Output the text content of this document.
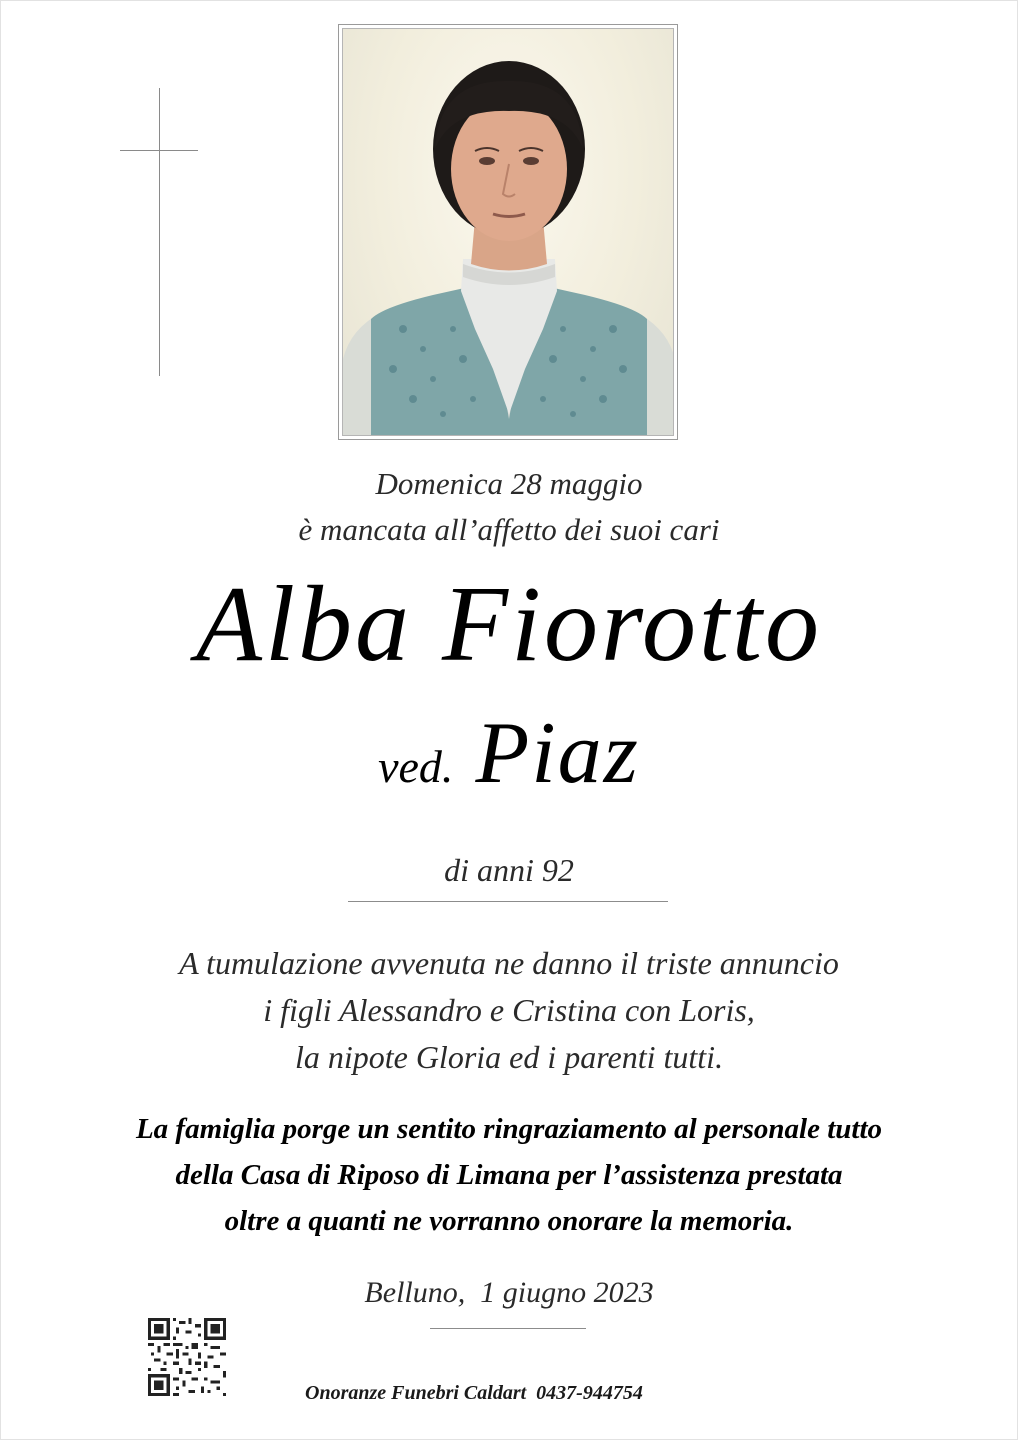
Domenica 28 maggio
è mancata all’affetto dei suoi cari
Alba Fiorotto
ved. Piaz
di anni 92
A tumulazione avvenuta ne danno il triste annuncio
i figli Alessandro e Cristina con Loris,
la nipote Gloria ed i parenti tutti.
La famiglia porge un sentito ringraziamento al personale tutto
della Casa di Riposo di Limana per l’assistenza prestata
oltre a quanti ne vorranno onorare la memoria.
Belluno,  1 giugno 2023
Onoranze Funebri Caldart  0437-944754
